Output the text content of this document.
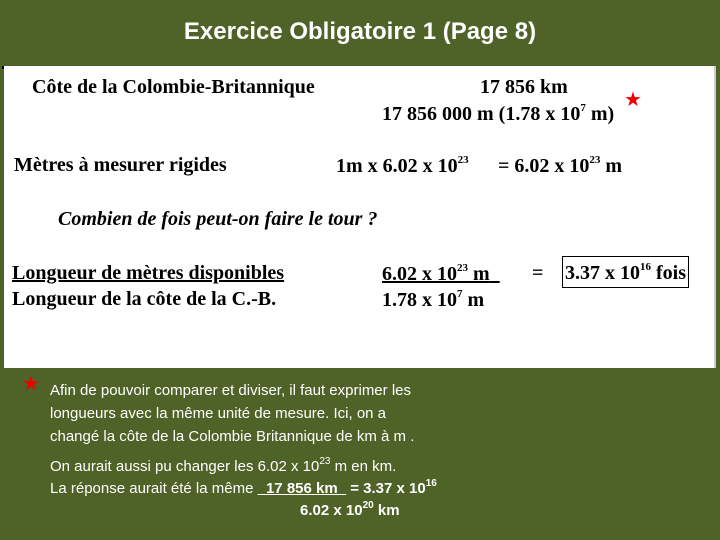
Exercice Obligatoire 1 (Page 8)
Côte de la Colombie-Britannique	17 856 km
17 856 000 m (1.78 x $10^7$ m)
★
Mètres à mesurer rigides	1m x 6.02 x $10^{23} = 6.02$ x $10^{23}$ m
Combien de fois peut-on faire le tour ?
Longueur de mètres disponibles
Longueur de la côte de la C.-B.
6.02 x $10^{23}$ m
1.78 x $10^7$ m
= 3.37 x $10^{16}$ fois
★ Afin de pouvoir comparer et diviser, il faut exprimer les
longueurs avec la même unité de mesure. Ici, on a
changé la côte de la Colombie Britannique de km à m .
On aurait aussi pu changer les 6.02 x $10^{23}$ m en km.
La réponse aurait été la même _17 856 km_ = 3.37 x $10^{16}$
6.02 x $10^{20}$ km
